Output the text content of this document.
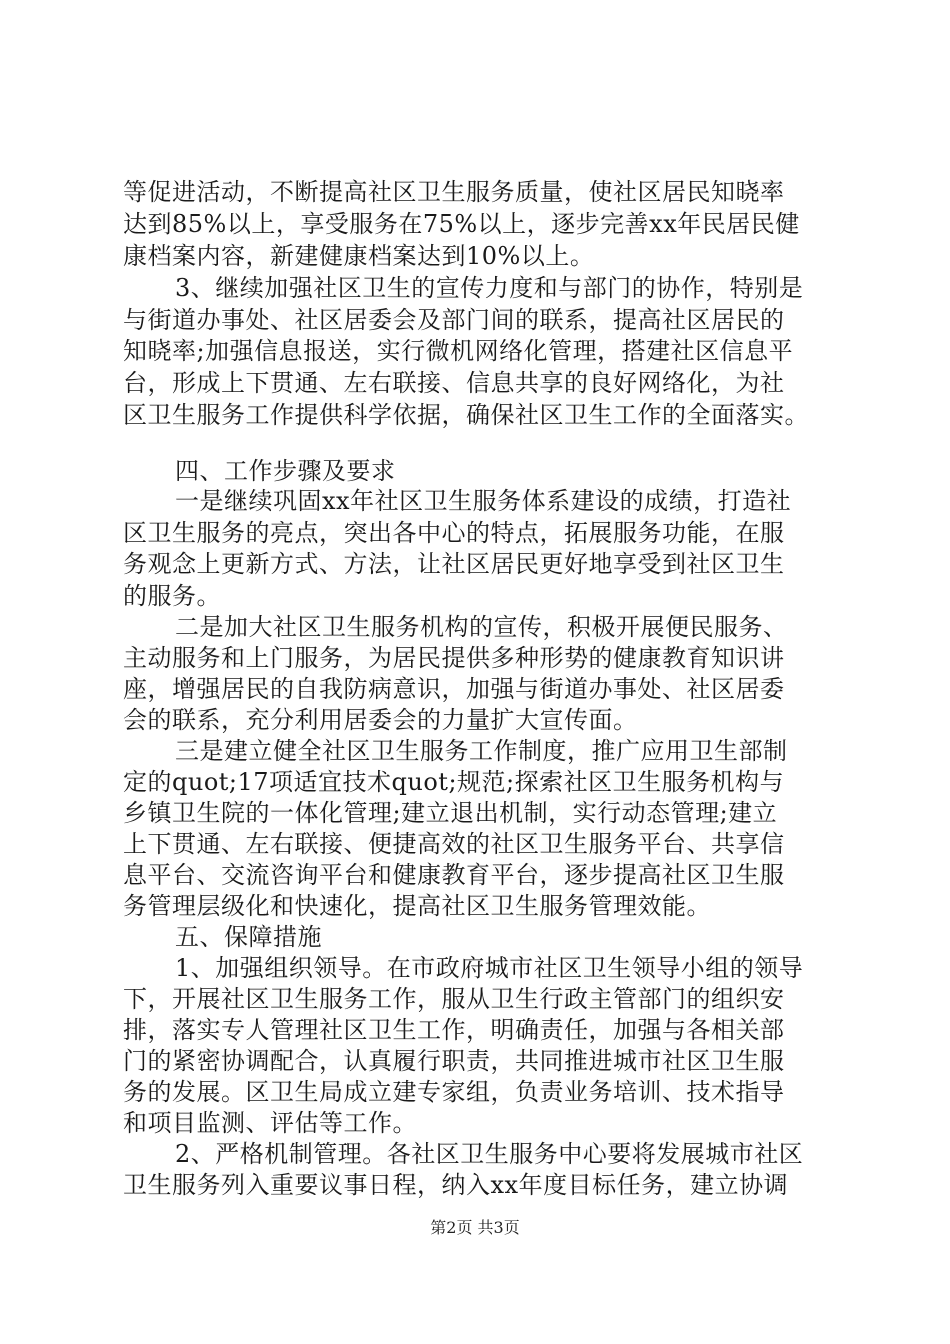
等促进活动，不断提高社区卫生服务质量，使社区居民知晓率
达到85%以上，享受服务在75%以上，逐步完善xx年民居民健
康档案内容，新建健康档案达到10%以上。
3、继续加强社区卫生的宣传力度和与部门的协作，特别是
与街道办事处、社区居委会及部门间的联系，提高社区居民的
知晓率;加强信息报送，实行微机网络化管理，搭建社区信息平
台，形成上下贯通、左右联接、信息共享的良好网络化，为社
区卫生服务工作提供科学依据，确保社区卫生工作的全面落实。
四、工作步骤及要求
一是继续巩固xx年社区卫生服务体系建设的成绩，打造社
区卫生服务的亮点，突出各中心的特点，拓展服务功能，在服
务观念上更新方式、方法，让社区居民更好地享受到社区卫生
的服务。
二是加大社区卫生服务机构的宣传，积极开展便民服务、
主动服务和上门服务，为居民提供多种形势的健康教育知识讲
座，增强居民的自我防病意识，加强与街道办事处、社区居委
会的联系，充分利用居委会的力量扩大宣传面。
三是建立健全社区卫生服务工作制度，推广应用卫生部制
定的quot;17项适宜技术quot;规范;探索社区卫生服务机构与
乡镇卫生院的一体化管理;建立退出机制，实行动态管理;建立
上下贯通、左右联接、便捷高效的社区卫生服务平台、共享信
息平台、交流咨询平台和健康教育平台，逐步提高社区卫生服
务管理层级化和快速化，提高社区卫生服务管理效能。
五、保障措施
1、加强组织领导。在市政府城市社区卫生领导小组的领导
下，开展社区卫生服务工作，服从卫生行政主管部门的组织安
排，落实专人管理社区卫生工作，明确责任，加强与各相关部
门的紧密协调配合，认真履行职责，共同推进城市社区卫生服
务的发展。区卫生局成立建专家组，负责业务培训、技术指导
和项目监测、评估等工作。
2、严格机制管理。各社区卫生服务中心要将发展城市社区
卫生服务列入重要议事日程，纳入xx年度目标任务，建立协调
第2页 共3页
